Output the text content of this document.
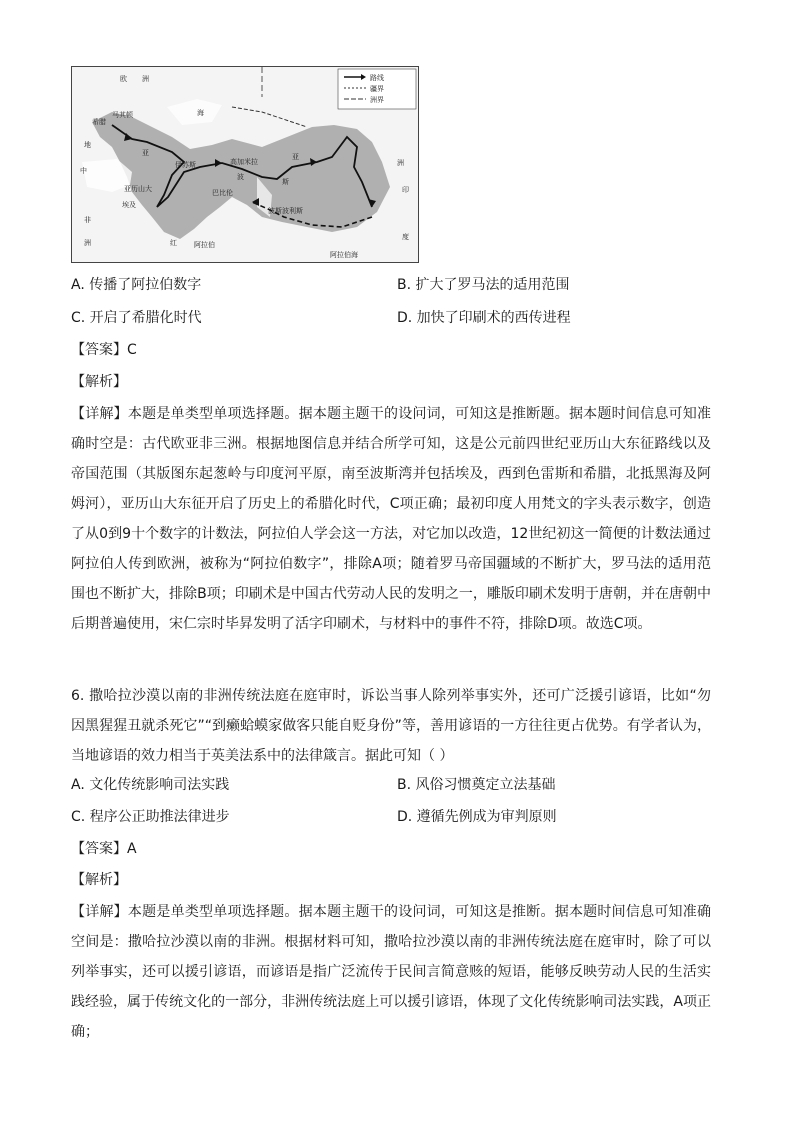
路线
疆界
洲界
欧 洲
希腊
马其顿
地
中
亚
亚历山大
埃及
非
洲
伊苏斯	高加米拉
巴比伦
波斯波利斯
波
斯
阿拉伯
红
印
度
阿拉伯海
亚
洲
海
A. 传播了阿拉伯数字	B. 扩大了罗马法的适用范围
C. 开启了希腊化时代	D. 加快了印刷术的西传进程
【答案】C
【解析】
【详解】本题是单类型单项选择题。据本题主题干的设问词，可知这是推断题。据本题时间信息可知准确时空是：古代欧亚非三洲。根据地图信息并结合所学可知，这是公元前四世纪亚历山大东征路线以及帝国范围（其版图东起葱岭与印度河平原，南至波斯湾并包括埃及，西到色雷斯和希腊，北抵黑海及阿姆河），亚历山大东征开启了历史上的希腊化时代，C项正确；最初印度人用梵文的字头表示数字，创造了从0到9十个数字的计数法，阿拉伯人学会这一方法，对它加以改造，12世纪初这一简便的计数法通过阿拉伯人传到欧洲，被称为“阿拉伯数字”，排除A项；随着罗马帝国疆域的不断扩大，罗马法的适用范围也不断扩大，排除B项；印刷术是中国古代劳动人民的发明之一，雕版印刷术发明于唐朝，并在唐朝中后期普遍使用，宋仁宗时毕昇发明了活字印刷术，与材料中的事件不符，排除D项。故选C项。
6. 撒哈拉沙漠以南的非洲传统法庭在庭审时，诉讼当事人除列举事实外，还可广泛援引谚语，比如“勿因黑猩猩丑就杀死它”“到癞蛤蟆家做客只能自贬身份”等，善用谚语的一方往往更占优势。有学者认为，当地谚语的效力相当于英美法系中的法律箴言。据此可知（ ）
A. 文化传统影响司法实践	B. 风俗习惯奠定立法基础
C. 程序公正助推法律进步	D. 遵循先例成为审判原则
【答案】A
【解析】
【详解】本题是单类型单项选择题。据本题主题干的设问词，可知这是推断。据本题时间信息可知准确空间是：撒哈拉沙漠以南的非洲。根据材料可知，撒哈拉沙漠以南的非洲传统法庭在庭审时，除了可以列举事实，还可以援引谚语，而谚语是指广泛流传于民间言简意赅的短语，能够反映劳动人民的生活实践经验，属于传统文化的一部分，非洲传统法庭上可以援引谚语，体现了文化传统影响司法实践，A项正确；
